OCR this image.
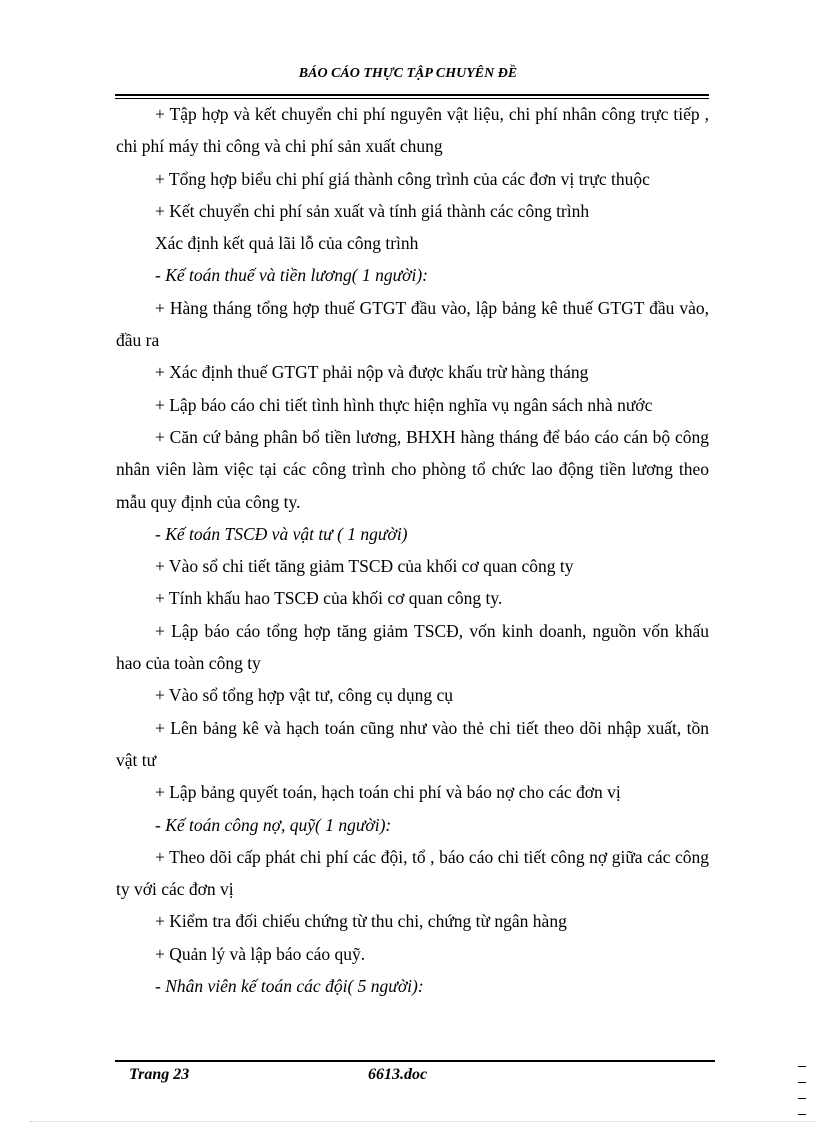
BÁO CÁO THỰC TẬP CHUYÊN ĐỀ

+ Tập hợp và kết chuyển chi phí nguyên vật liệu, chi phí nhân công trực tiếp , chi phí máy thi công và chi phí sản xuất chung

+ Tổng hợp biểu chi phí giá thành công trình của các đơn vị trực thuộc

+ Kết chuyển chi phí sản xuất và tính giá thành các công trình

Xác định kết quả lãi lỗ của công trình

- Kế toán thuế và tiền lương( 1 người):

+ Hàng tháng tổng hợp thuế GTGT đầu vào, lập bảng kê thuế GTGT đầu vào, đầu ra

+ Xác định thuế GTGT phải nộp và được khấu trừ hàng tháng

+ Lập báo cáo chi tiết tình hình thực hiện nghĩa vụ ngân sách nhà nước

+ Căn cứ bảng phân bổ tiền lương, BHXH hàng tháng để báo cáo cán bộ công nhân viên làm việc tại các công trình cho phòng tổ chức lao động tiền lương theo mẫu quy định của công ty.

- Kế toán TSCĐ và vật tư ( 1 người)

+ Vào sổ chi tiết tăng giảm TSCĐ của khối cơ quan công ty

+ Tính khấu hao TSCĐ của khối cơ quan công ty.

+ Lập báo cáo tổng hợp tăng giảm TSCĐ, vốn kinh doanh, nguồn vốn khấu hao của toàn công ty

+ Vào sổ tổng hợp vật tư, công cụ dụng cụ

+ Lên bảng kê và hạch toán cũng như vào thẻ chi tiết theo dõi nhập xuất, tồn vật tư

+ Lập bảng quyết toán, hạch toán chi phí và báo nợ cho các đơn vị

- Kế toán công nợ, quỹ( 1 người):

+ Theo dõi cấp phát chi phí các đội, tổ , báo cáo chi tiết công nợ giữa các công ty với các đơn vị

+ Kiểm tra đối chiếu chứng từ thu chi, chứng từ ngân hàng

+ Quản lý và lập báo cáo quỹ.

- Nhân viên kế toán các đội( 5 người):

Trang 23	6613.doc
